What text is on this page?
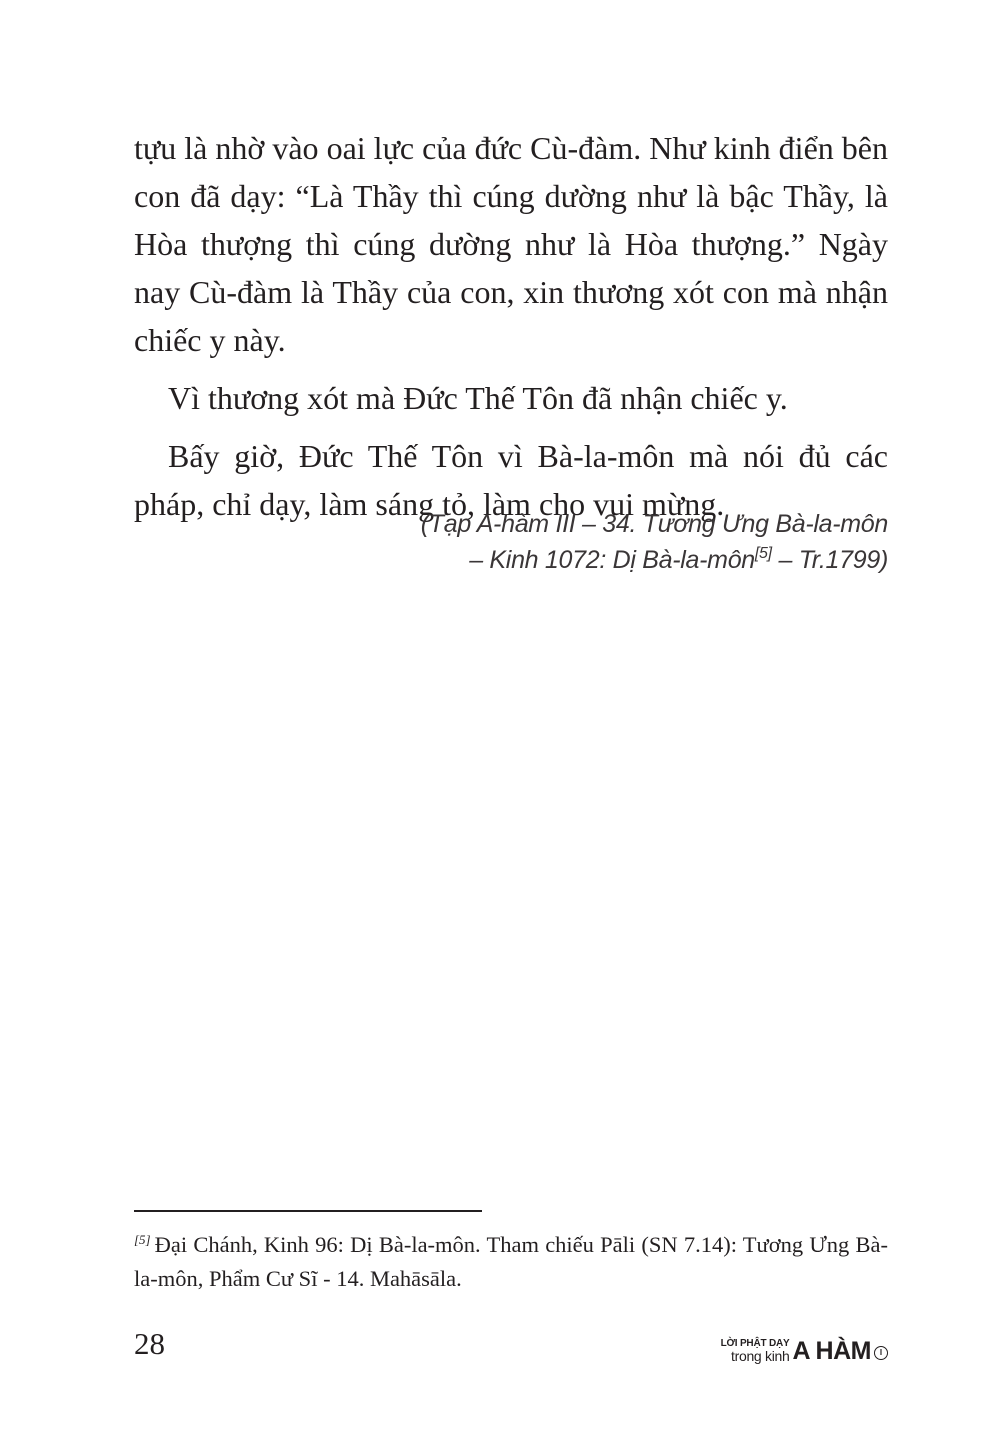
tựu là nhờ vào oai lực của đức Cù-đàm. Như kinh điển bên con đã dạy: “Là Thầy thì cúng dường như là bậc Thầy, là Hòa thượng thì cúng dường như là Hòa thượng.” Ngày nay Cù-đàm là Thầy của con, xin thương xót con mà nhận chiếc y này.

Vì thương xót mà Đức Thế Tôn đã nhận chiếc y.

Bấy giờ, Đức Thế Tôn vì Bà-la-môn mà nói đủ các pháp, chỉ dạy, làm sáng tỏ, làm cho vui mừng.

(Tạp A-hàm III – 34. Tương Ưng Bà-la-môn
– Kinh 1072: Dị Bà-la-môn[5] – Tr.1799)
[5] Đại Chánh, Kinh 96: Dị Bà-la-môn. Tham chiếu Pāli (SN 7.14): Tương Ưng Bà-la-môn, Phẩm Cư Sĩ - 14. Mahāsāla.
28	LỜI PHẬT DẠY
trong kinh A HÀM	I
